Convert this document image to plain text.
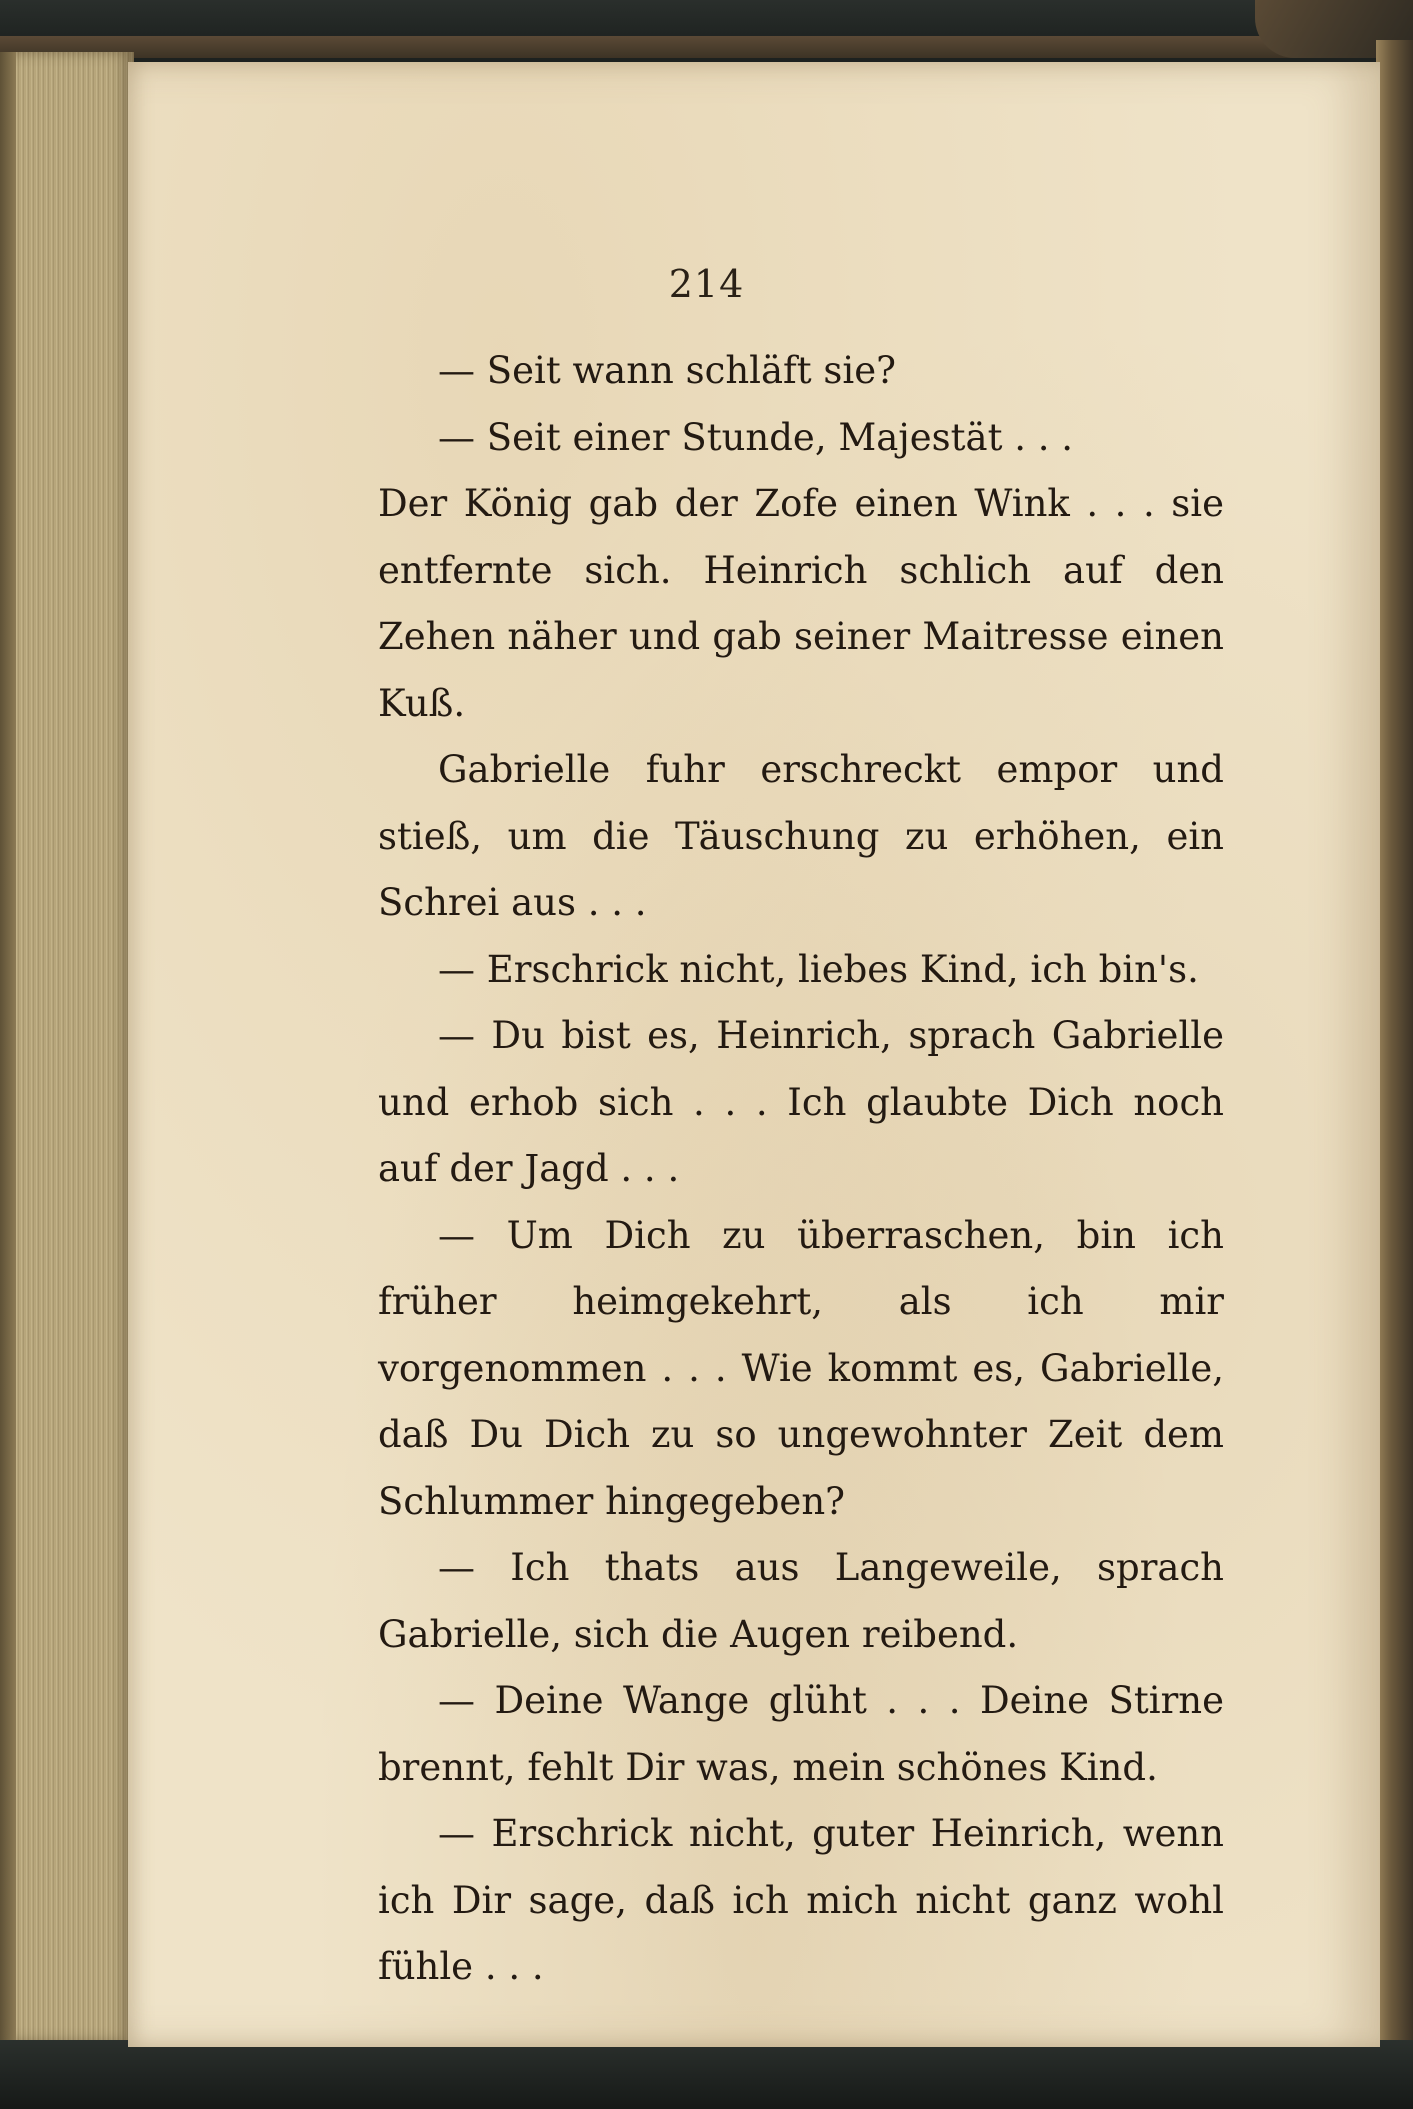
214

— Seit wann schläft sie?

— Seit einer Stunde, Majestät . . .

Der König gab der Zofe einen Wink . . . sie entfernte sich. Heinrich schlich auf den Zehen näher und gab seiner Maitresse einen Kuß.

Gabrielle fuhr erschreckt empor und stieß, um die Täuschung zu erhöhen, ein Schrei aus . . .

— Erschrick nicht, liebes Kind, ich bin's.

— Du bist es, Heinrich, sprach Gabrielle und erhob sich . . . Ich glaubte Dich noch auf der Jagd . . .

— Um Dich zu überraschen, bin ich früher heimgekehrt, als ich mir vorgenommen . . . Wie kommt es, Gabrielle, daß Du Dich zu so ungewohnter Zeit dem Schlummer hingegeben?

— Ich thats aus Langeweile, sprach Gabrielle, sich die Augen reibend.

— Deine Wange glüht . . . Deine Stirne brennt, fehlt Dir was, mein schönes Kind.

— Erschrick nicht, guter Heinrich, wenn ich Dir sage, daß ich mich nicht ganz wohl fühle . . .
